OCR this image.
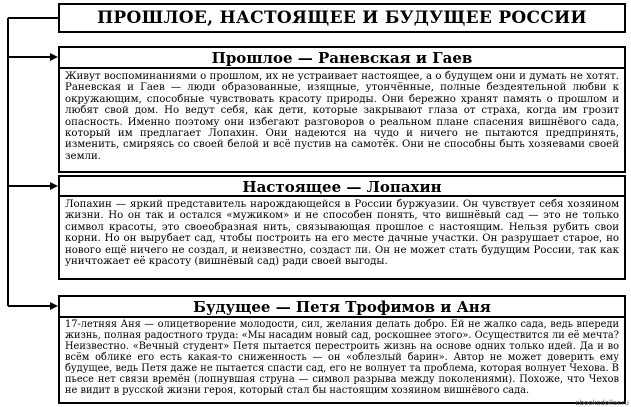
ПРОШЛОЕ, НАСТОЯЩЕЕ И БУДУЩЕЕ РОССИИ
Прошлое — Раневская и Гаев

Живут воспоминаниями о прошлом, их не устраивает настоящее, а о будущем они и думать не хотят. Раневская и Гаев — люди образованные, изящные, утончённые, полные бездеятельной любви к окружающим, способные чувствовать красоту природы. Они бережно хранят память о прошлом и любят свой дом. Но ведут себя, как дети, которые закрывают глаза от страха, когда им грозит опасность. Именно поэтому они избегают разговоров о реальном плане спасения вишнёвого сада, который им предлагает Лопахин. Они надеются на чудо и ничего не пытаются предпринять, изменить, смиряясь со своей белой и всё пустив на самотёк. Они не способны быть хозяевами своей земли.

Настоящее — Лопахин

Лопахин — яркий представитель нарождающейся в России буржуазии. Он чувствует себя хозяином жизни. Но он так и остался «мужиком» и не способен понять, что вишнёвый сад — это не только символ красоты, это своеобразная нить, связывающая прошлое с настоящим. Нельзя рубить свои корни. Но он вырубает сад, чтобы построить на его месте дачные участки. Он разрушает старое, но нового ещё ничего не создал, и неизвестно, создаст ли. Он не может стать будущим России, так как уничтожает её красоту (вишнёвый сад) ради своей выгоды.

Будущее — Петя Трофимов и Аня

17-летняя Аня — олицетворение молодости, сил, желания делать добро. Ей не жалко сада, ведь впереди жизнь, полная радостного труда: «Мы насадим новый сад, роскошнее этого». Осуществится ли её мечта? Неизвестно. «Вечный студент» Петя пытается перестроить жизнь на основе одних только идей. Да и во всём облике его есть какая-то сниженность — он «облезлый барин». Автор не может доверить ему будущее, ведь Петя даже не пытается спасти сад, его не волнует та проблема, которая волнует Чехова. В пьесе нет связи времён (лопнувшая струна — символ разрыва между поколениями). Похоже, что Чехов не видит в русской жизни героя, который стал бы настоящим хозяином вишнёвого сада.

ebooksdollar.ru
